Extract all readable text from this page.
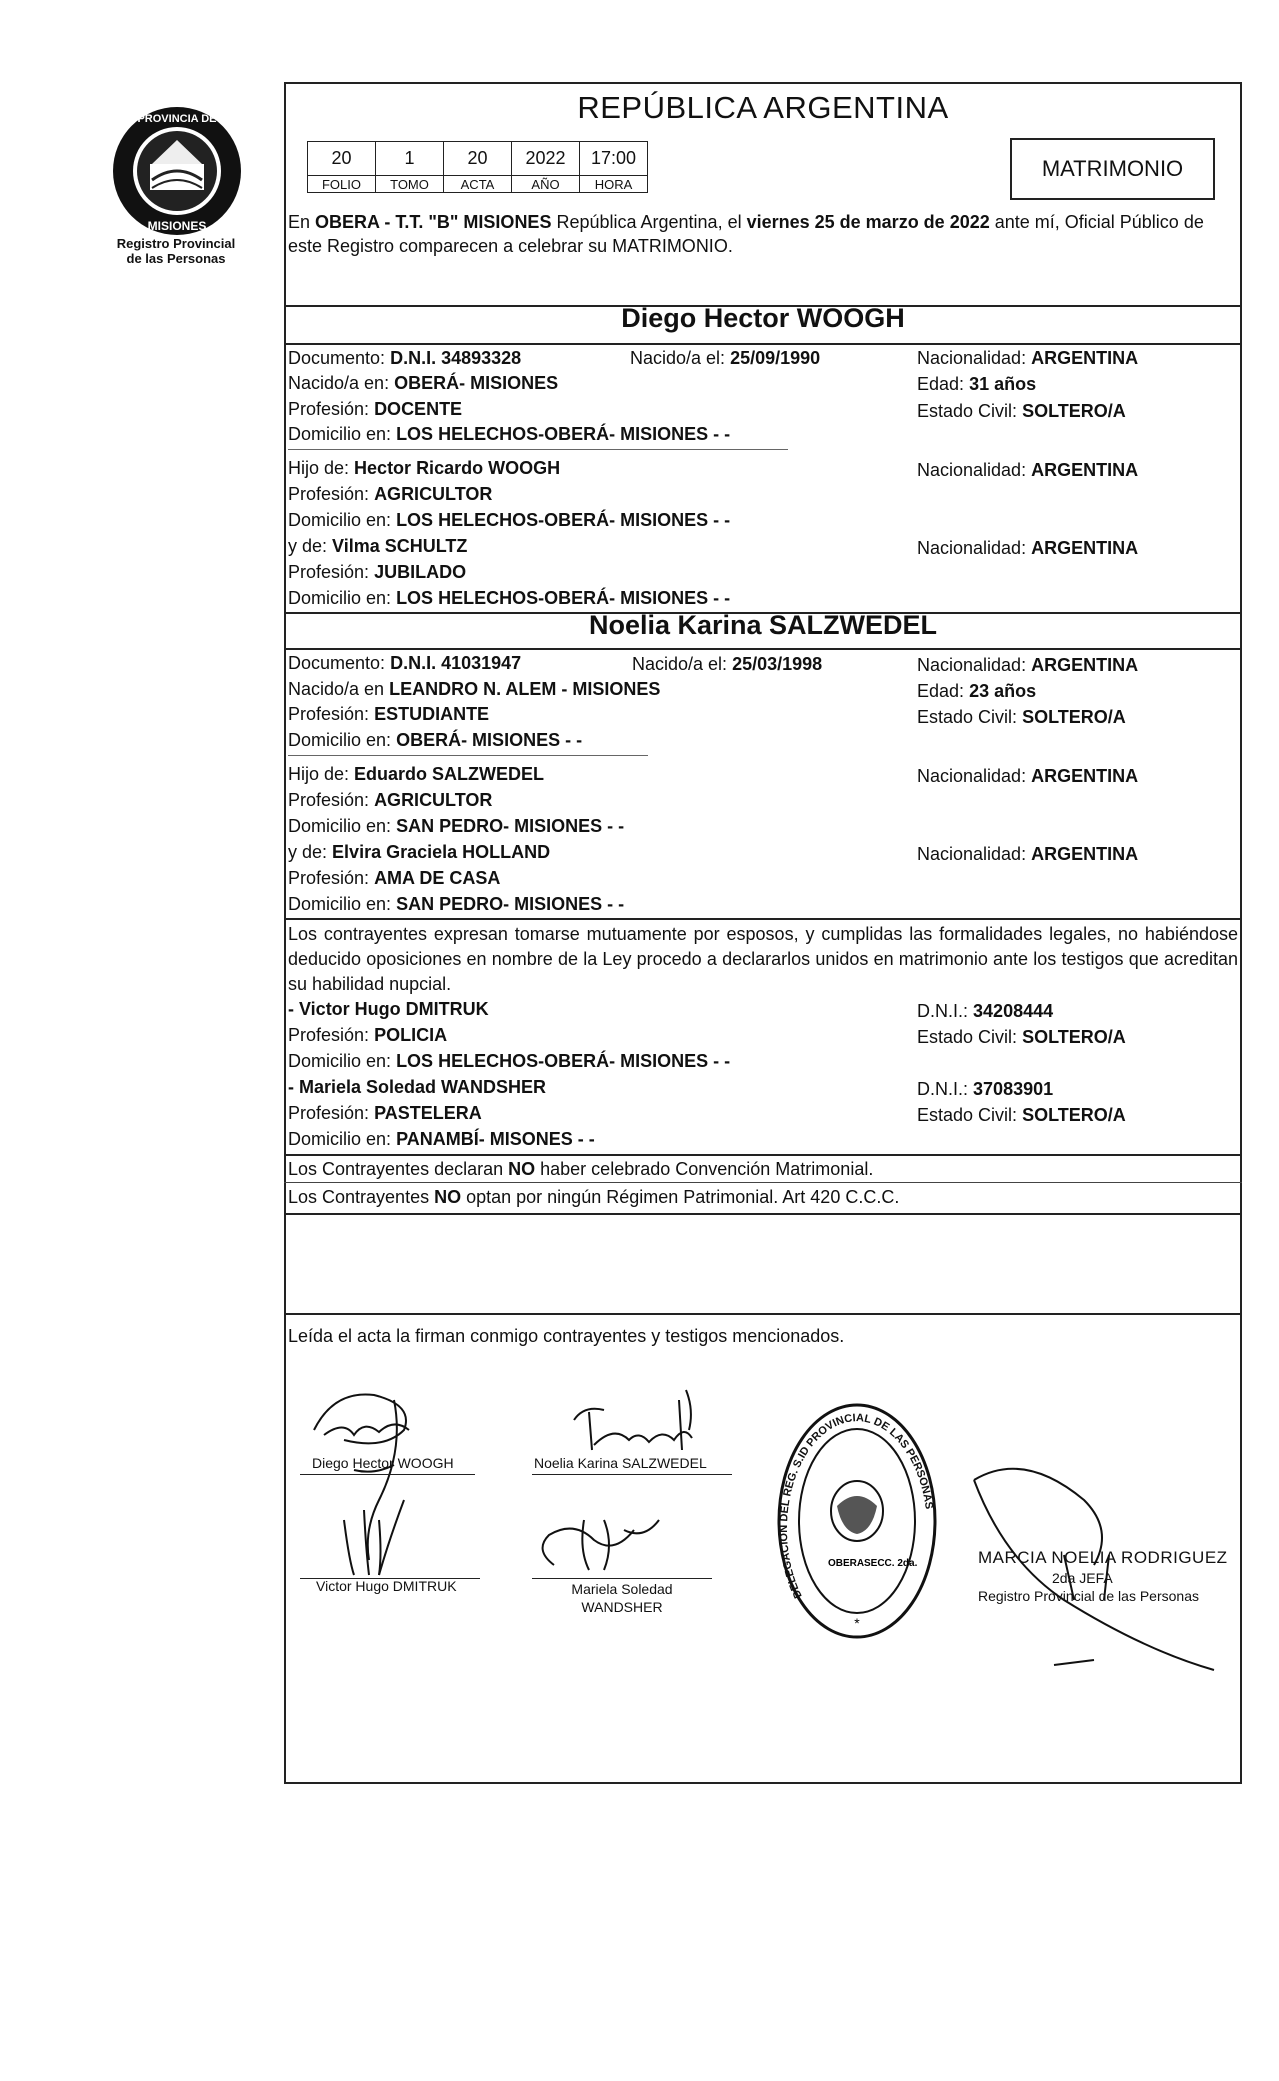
PROVINCIA DE
MISIONES
Registro Provincial
de las Personas
REPÚBLICA ARGENTINA
20	1	20	2022	17:00
FOLIO	TOMO	ACTA	AÑO	HORA
MATRIMONIO
En OBERA - T.T. "B" MISIONES República Argentina, el viernes 25 de marzo de 2022 ante mí, Oficial Público de este Registro comparecen a celebrar su MATRIMONIO.
Diego Hector WOOGH
Documento: D.N.I. 34893328	Nacido/a el: 25/09/1990	Nacionalidad: ARGENTINA
Nacido/a en: OBERÁ- MISIONES	Edad: 31 años
Profesión: DOCENTE	Estado Civil: SOLTERO/A
Domicilio en: LOS HELECHOS-OBERÁ- MISIONES - -
Hijo de: Hector Ricardo WOOGH	Nacionalidad: ARGENTINA
Profesión: AGRICULTOR
Domicilio en: LOS HELECHOS-OBERÁ- MISIONES - -
y de: Vilma SCHULTZ	Nacionalidad: ARGENTINA
Profesión: JUBILADO
Domicilio en: LOS HELECHOS-OBERÁ- MISIONES - -
Noelia Karina SALZWEDEL
Documento: D.N.I. 41031947	Nacido/a el: 25/03/1998	Nacionalidad: ARGENTINA
Nacido/a en LEANDRO N. ALEM - MISIONES	Edad: 23 años
Profesión: ESTUDIANTE	Estado Civil: SOLTERO/A
Domicilio en: OBERÁ- MISIONES - -
Hijo de: Eduardo SALZWEDEL	Nacionalidad: ARGENTINA
Profesión: AGRICULTOR
Domicilio en: SAN PEDRO- MISIONES - -
y de: Elvira Graciela HOLLAND	Nacionalidad: ARGENTINA
Profesión: AMA DE CASA
Domicilio en: SAN PEDRO- MISIONES - -
Los contrayentes expresan tomarse mutuamente por esposos, y cumplidas las formalidades legales, no habiéndose deducido oposiciones en nombre de la Ley procedo a declararlos unidos en matrimonio ante los testigos que acreditan su habilidad nupcial.
- Victor Hugo DMITRUK	D.N.I.: 34208444
Profesión: POLICIA	Estado Civil: SOLTERO/A
Domicilio en: LOS HELECHOS-OBERÁ- MISIONES - -
- Mariela Soledad WANDSHER	D.N.I.: 37083901
Profesión: PASTELERA	Estado Civil: SOLTERO/A
Domicilio en: PANAMBÍ- MISONES - -
Los Contrayentes declaran NO haber celebrado Convención Matrimonial.
Los Contrayentes NO optan por ningún Régimen Patrimonial. Art 420 C.C.C.
Leída el acta la firman conmigo contrayentes y testigos mencionados.
Diego Hector WOOGH	Noelia Karina SALZWEDEL
Victor Hugo DMITRUK	Mariela Soledad
WANDSHER
DELEGACION DEL REG. S.ID PROVINCIAL DE LAS PERSONAS
OBERA SECC. 2da.
*
MARCIA NOELIA RODRIGUEZ
2da JEFA
Registro Provincial de las Personas
